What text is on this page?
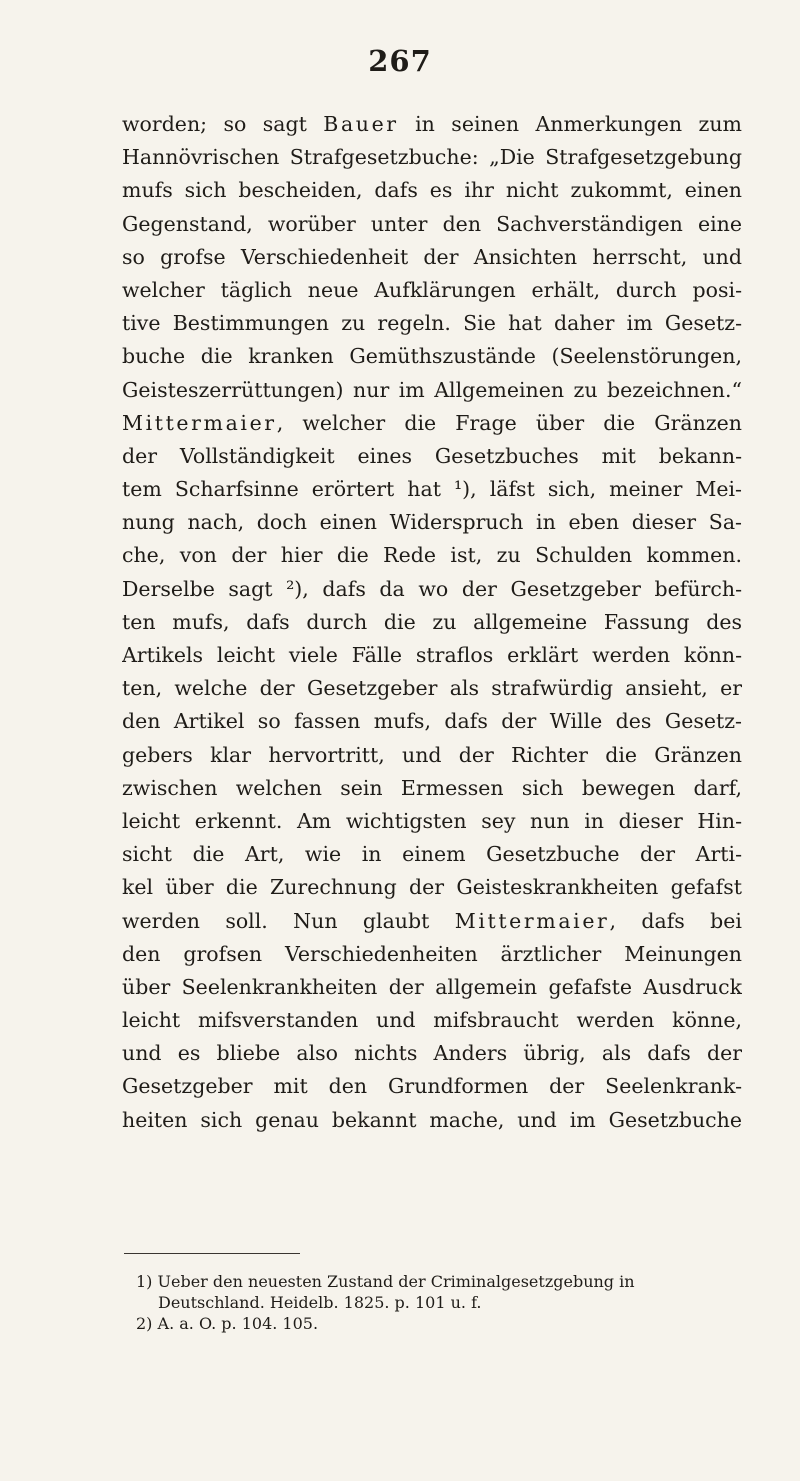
267
worden; so sagt Bauer in seinen Anmerkungen zum
Hannövrischen Strafgesetzbuche: „Die Strafgesetzgebung
mufs sich bescheiden, dafs es ihr nicht zukommt, einen
Gegenstand, worüber unter den Sachverständigen eine
so grofse Verschiedenheit der Ansichten herrscht, und
welcher täglich neue Aufklärungen erhält, durch posi-
tive Bestimmungen zu regeln. Sie hat daher im Gesetz-
buche die kranken Gemüthszustände (Seelenstörungen,
Geisteszerrüttungen) nur im Allgemeinen zu bezeichnen.“
Mittermaier, welcher die Frage über die Gränzen
der Vollständigkeit eines Gesetzbuches mit bekann-
tem Scharfsinne erörtert hat ¹), läfst sich, meiner Mei-
nung nach, doch einen Widerspruch in eben dieser Sa-
che, von der hier die Rede ist, zu Schulden kommen.
Derselbe sagt ²), dafs da wo der Gesetzgeber befürch-
ten mufs, dafs durch die zu allgemeine Fassung des
Artikels leicht viele Fälle straflos erklärt werden könn-
ten, welche der Gesetzgeber als strafwürdig ansieht, er
den Artikel so fassen mufs, dafs der Wille des Gesetz-
gebers klar hervortritt, und der Richter die Gränzen
zwischen welchen sein Ermessen sich bewegen darf,
leicht erkennt. Am wichtigsten sey nun in dieser Hin-
sicht die Art, wie in einem Gesetzbuche der Arti-
kel über die Zurechnung der Geisteskrankheiten gefafst
werden soll. Nun glaubt Mittermaier, dafs bei
den grofsen Verschiedenheiten ärztlicher Meinungen
über Seelenkrankheiten der allgemein gefafste Ausdruck
leicht mifsverstanden und mifsbraucht werden könne,
und es bliebe also nichts Anders übrig, als dafs der
Gesetzgeber mit den Grundformen der Seelenkrank-
heiten sich genau bekannt mache, und im Gesetzbuche
1) Ueber den neuesten Zustand der Criminalgesetzgebung in
Deutschland. Heidelb. 1825. p. 101 u. f.
2) A. a. O. p. 104. 105.
